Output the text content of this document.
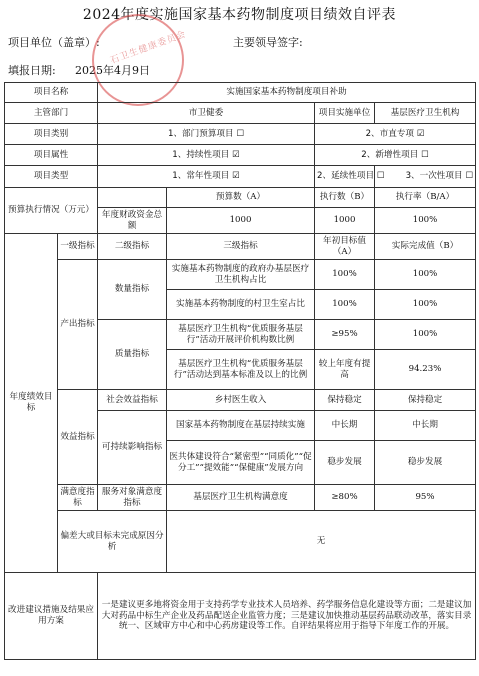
2024年度实施国家基本药物制度项目绩效自评表
项目单位（盖章）:	主要领导签字:
填报日期: 2025年4月9日
石卫生健康委员会
项目名称		实施国家基本药物制度项目补助			
主管部门		市卫健委		项目实施单位	基层医疗卫生机构
项目类别		1、部门预算项目 ☐		2、市直专项 ☑	
项目属性		1、持续性项目 ☑		2、新增性项目 ☐	
项目类型		1、常年性项目 ☑		2、延续性项目 ☐	3、一次性项目 ☐
预算执行情况（万元）			预算数（A）	执行数（B）	执行率（B/A）
		年度财政资金总额	1000	1000	100%
年度绩效目标	一级指标	二级指标	三级指标	年初目标值（A）	实际完成值（B）
	产出指标	数量指标	实施基本药物制度的政府办基层医疗卫生机构占比	100%	100%
			实施基本药物制度的村卫生室占比	100%	100%
		质量指标	基层医疗卫生机构“优质服务基层行”活动开展评价机构数比例	≥95%	100%
			基层医疗卫生机构“优质服务基层行”活动达到基本标准及以上的比例	较上年度有提高	94.23%
	效益指标	社会效益指标	乡村医生收入	保持稳定	保持稳定
		可持续影响指标	国家基本药物制度在基层持续实施	中长期	中长期
			医共体建设符合“紧密型”“同质化”“促分工”“提效能”“保健康”发展方向	稳步发展	稳步发展
	满意度指标	服务对象满意度指标	基层医疗卫生机构满意度	≥80%	95%
	偏差大或目标未完成原因分析		无		
改进建议措施及结果应用方案		一是建议更多地将资金用于支持药学专业技术人员培养、药学服务信息化建设等方面；二是建议加大对药品中标生产企业及药品配送企业监管力度；三是建议加快推动基层药品联动改革，落实目录统一、区域审方中心和中心药房建设等工作。自评结果将应用于指导下年度工作的开展。			
